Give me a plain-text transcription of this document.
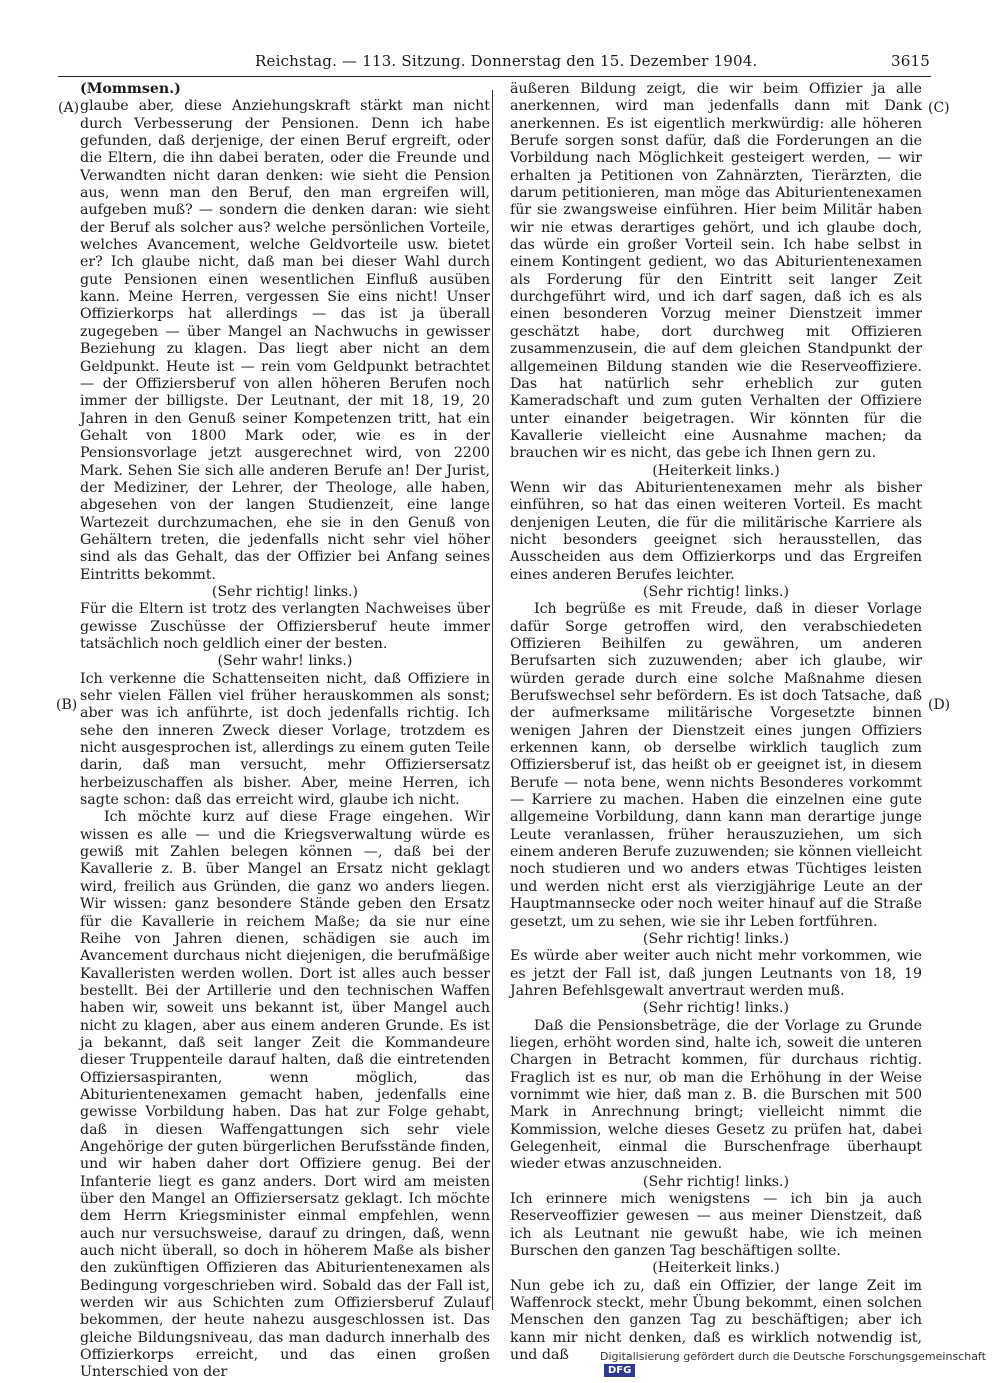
Reichstag. — 113. Sitzung. Donnerstag den 15. Dezember 1904.	3615
(A)
(B)
(C)
(D)

(Mommsen.)

glaube aber, diese Anziehungskraft stärkt man nicht durch Verbesserung der Pensionen. Denn ich habe gefunden, daß derjenige, der einen Beruf ergreift, oder die Eltern, die ihn dabei beraten, oder die Freunde und Verwandten nicht daran denken: wie sieht die Pension aus, wenn man den Beruf, den man ergreifen will, aufgeben muß? — sondern die denken daran: wie sieht der Beruf als solcher aus? welche persönlichen Vorteile, welches Avancement, welche Geldvorteile usw. bietet er? Ich glaube nicht, daß man bei dieser Wahl durch gute Pensionen einen wesentlichen Einfluß ausüben kann. Meine Herren, vergessen Sie eins nicht! Unser Offizierkorps hat allerdings — das ist ja überall zugegeben — über Mangel an Nachwuchs in gewisser Beziehung zu klagen. Das liegt aber nicht an dem Geldpunkt. Heute ist — rein vom Geldpunkt betrachtet — der Offiziersberuf von allen höheren Berufen noch immer der billigste. Der Leutnant, der mit 18, 19, 20 Jahren in den Genuß seiner Kompetenzen tritt, hat ein Gehalt von 1800 Mark oder, wie es in der Pensionsvorlage jetzt ausgerechnet wird, von 2200 Mark. Sehen Sie sich alle anderen Berufe an! Der Jurist, der Mediziner, der Lehrer, der Theologe, alle haben, abgesehen von der langen Studienzeit, eine lange Wartezeit durchzumachen, ehe sie in den Genuß von Gehältern treten, die jedenfalls nicht sehr viel höher sind als das Gehalt, das der Offizier bei Anfang seines Eintritts bekommt.

(Sehr richtig! links.)

Für die Eltern ist trotz des verlangten Nachweises über gewisse Zuschüsse der Offiziersberuf heute immer tatsächlich noch geldlich einer der besten.

(Sehr wahr! links.)

Ich verkenne die Schattenseiten nicht, daß Offiziere in sehr vielen Fällen viel früher herauskommen als sonst; aber was ich anführte, ist doch jedenfalls richtig. Ich sehe den inneren Zweck dieser Vorlage, trotzdem es nicht ausgesprochen ist, allerdings zu einem guten Teile darin, daß man versucht, mehr Offiziersersatz herbeizuschaffen als bisher. Aber, meine Herren, ich sagte schon: daß das erreicht wird, glaube ich nicht.

Ich möchte kurz auf diese Frage eingehen. Wir wissen es alle — und die Kriegsverwaltung würde es gewiß mit Zahlen belegen können —, daß bei der Kavallerie z. B. über Mangel an Ersatz nicht geklagt wird, freilich aus Gründen, die ganz wo anders liegen. Wir wissen: ganz besondere Stände geben den Ersatz für die Kavallerie in reichem Maße; da sie nur eine Reihe von Jahren dienen, schädigen sie auch im Avancement durchaus nicht diejenigen, die berufmäßige Kavalleristen werden wollen. Dort ist alles auch besser bestellt. Bei der Artillerie und den technischen Waffen haben wir, soweit uns bekannt ist, über Mangel auch nicht zu klagen, aber aus einem anderen Grunde. Es ist ja bekannt, daß seit langer Zeit die Kommandeure dieser Truppenteile darauf halten, daß die eintretenden Offiziersaspiranten, wenn möglich, das Abiturientenexamen gemacht haben, jedenfalls eine gewisse Vorbildung haben. Das hat zur Folge gehabt, daß in diesen Waffengattungen sich sehr viele Angehörige der guten bürgerlichen Berufsstände finden, und wir haben daher dort Offiziere genug. Bei der Infanterie liegt es ganz anders. Dort wird am meisten über den Mangel an Offiziersersatz geklagt. Ich möchte dem Herrn Kriegsminister einmal empfehlen, wenn auch nur versuchsweise, darauf zu dringen, daß, wenn auch nicht überall, so doch in höherem Maße als bisher den zukünftigen Offizieren das Abiturientenexamen als Bedingung vorgeschrieben wird. Sobald das der Fall ist, werden wir aus Schichten zum Offiziersberuf Zulauf bekommen, der heute nahezu ausgeschlossen ist. Das gleiche Bildungsniveau, das man dadurch innerhalb des Offizierkorps erreicht, und das einen großen Unterschied von der

äußeren Bildung zeigt, die wir beim Offizier ja alle anerkennen, wird man jedenfalls dann mit Dank anerkennen. Es ist eigentlich merkwürdig: alle höheren Berufe sorgen sonst dafür, daß die Forderungen an die Vorbildung nach Möglichkeit gesteigert werden, — wir erhalten ja Petitionen von Zahnärzten, Tierärzten, die darum petitionieren, man möge das Abiturientenexamen für sie zwangsweise einführen. Hier beim Militär haben wir nie etwas derartiges gehört, und ich glaube doch, das würde ein großer Vorteil sein. Ich habe selbst in einem Kontingent gedient, wo das Abiturientenexamen als Forderung für den Eintritt seit langer Zeit durchgeführt wird, und ich darf sagen, daß ich es als einen besonderen Vorzug meiner Dienstzeit immer geschätzt habe, dort durchweg mit Offizieren zusammenzusein, die auf dem gleichen Standpunkt der allgemeinen Bildung standen wie die Reserveoffiziere. Das hat natürlich sehr erheblich zur guten Kameradschaft und zum guten Verhalten der Offiziere unter einander beigetragen. Wir könnten für die Kavallerie vielleicht eine Ausnahme machen; da brauchen wir es nicht, das gebe ich Ihnen gern zu.

(Heiterkeit links.)

Wenn wir das Abiturientenexamen mehr als bisher einführen, so hat das einen weiteren Vorteil. Es macht denjenigen Leuten, die für die militärische Karriere als nicht besonders geeignet sich herausstellen, das Ausscheiden aus dem Offizierkorps und das Ergreifen eines anderen Berufes leichter.

(Sehr richtig! links.)

Ich begrüße es mit Freude, daß in dieser Vorlage dafür Sorge getroffen wird, den verabschiedeten Offizieren Beihilfen zu gewähren, um anderen Berufsarten sich zuzuwenden; aber ich glaube, wir würden gerade durch eine solche Maßnahme diesen Berufswechsel sehr befördern. Es ist doch Tatsache, daß der aufmerksame militärische Vorgesetzte binnen wenigen Jahren der Dienstzeit eines jungen Offiziers erkennen kann, ob derselbe wirklich tauglich zum Offiziersberuf ist, das heißt ob er geeignet ist, in diesem Berufe — nota bene, wenn nichts Besonderes vorkommt — Karriere zu machen. Haben die einzelnen eine gute allgemeine Vorbildung, dann kann man derartige junge Leute veranlassen, früher herauszuziehen, um sich einem anderen Berufe zuzuwenden; sie können vielleicht noch studieren und wo anders etwas Tüchtiges leisten und werden nicht erst als vierzigjährige Leute an der Hauptmannsecke oder noch weiter hinauf auf die Straße gesetzt, um zu sehen, wie sie ihr Leben fortführen.

(Sehr richtig! links.)

Es würde aber weiter auch nicht mehr vorkommen, wie es jetzt der Fall ist, daß jungen Leutnants von 18, 19 Jahren Befehlsgewalt anvertraut werden muß.

(Sehr richtig! links.)

Daß die Pensionsbeträge, die der Vorlage zu Grunde liegen, erhöht worden sind, halte ich, soweit die unteren Chargen in Betracht kommen, für durchaus richtig. Fraglich ist es nur, ob man die Erhöhung in der Weise vornimmt wie hier, daß man z. B. die Burschen mit 500 Mark in Anrechnung bringt; vielleicht nimmt die Kommission, welche dieses Gesetz zu prüfen hat, dabei Gelegenheit, einmal die Burschenfrage überhaupt wieder etwas anzuschneiden.

(Sehr richtig! links.)

Ich erinnere mich wenigstens — ich bin ja auch Reserveoffizier gewesen — aus meiner Dienstzeit, daß ich als Leutnant nie gewußt habe, wie ich meinen Burschen den ganzen Tag beschäftigen sollte.

(Heiterkeit links.)

Nun gebe ich zu, daß ein Offizier, der lange Zeit im Waffenrock steckt, mehr Übung bekommt, einen solchen Menschen den ganzen Tag zu beschäftigen; aber ich kann mir nicht denken, daß es wirklich notwendig ist, und daß	Digitalisierung gefördert durch die Deutsche Forschungsgemeinschaft DFG
